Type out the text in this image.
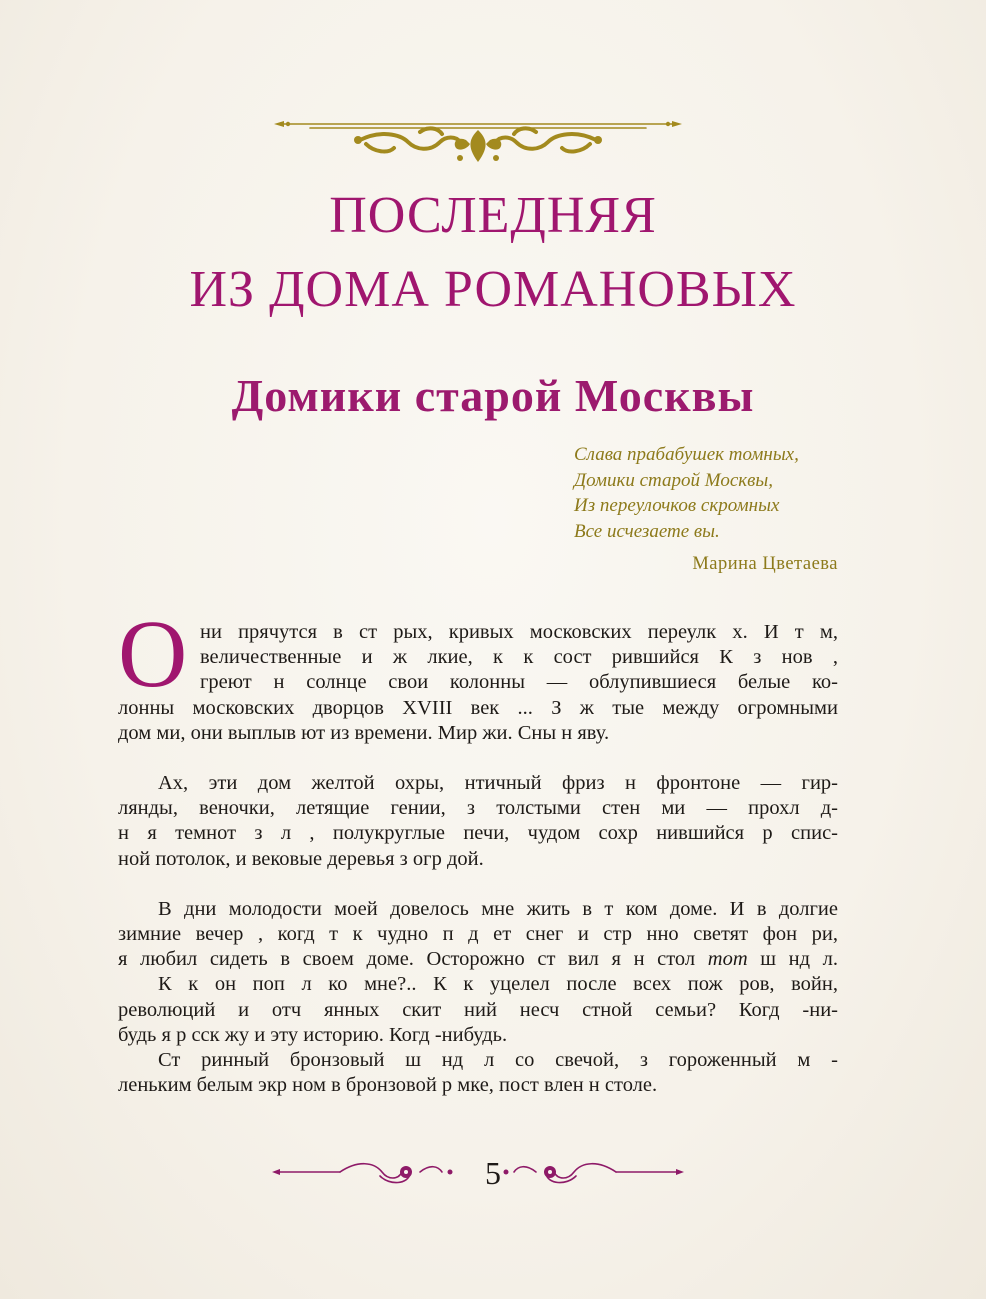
ПОСЛЕДНЯЯ
ИЗ ДОМА РОМАНОВЫХ
Домики старой Москвы
Слава прабабушек томных,
Домики старой Москвы,
Из переулочков скромных
Все исчезаете вы.
Марина Цветаева
О ни прячутся в ст рых, кривых московских переулк х. И т м,
величественные и ж лкие, к к сост рившийся К з нов ,
греют н солнце свои колонны — облупившиеся белые ко-
лонны московских дворцов XVIII век ... З ж тые между огромными
дом ми, они выплыв ют из времени. Мир жи. Сны н яву.
Ах, эти дом желтой охры, нтичный фриз н фронтоне — гир-
лянды, веночки, летящие гении, з толстыми стен ми — прохл д-
н я темнот з л , полукруглые печи, чудом сохр нившийся р спис-
ной потолок, и вековые деревья з огр дой.
В дни молодости моей довелось мне жить в т ком доме. И в долгие
зимние вечер , когд т к чудно п д ет снег и стр нно светят фон ри,
я любил сидеть в своем доме. Осторожно ст вил я н стол тот ш нд л.
К к он поп л ко мне?.. К к уцелел после всех пож ров, войн,
революций и отч янных скит ний несч стной семьи? Когд -ни-
будь я р сск жу и эту историю. Когд -нибудь.
Ст ринный бронзовый ш нд л со свечой, з гороженный м -
леньким белым экр ном в бронзовой р мке, пост влен н столе.
5
